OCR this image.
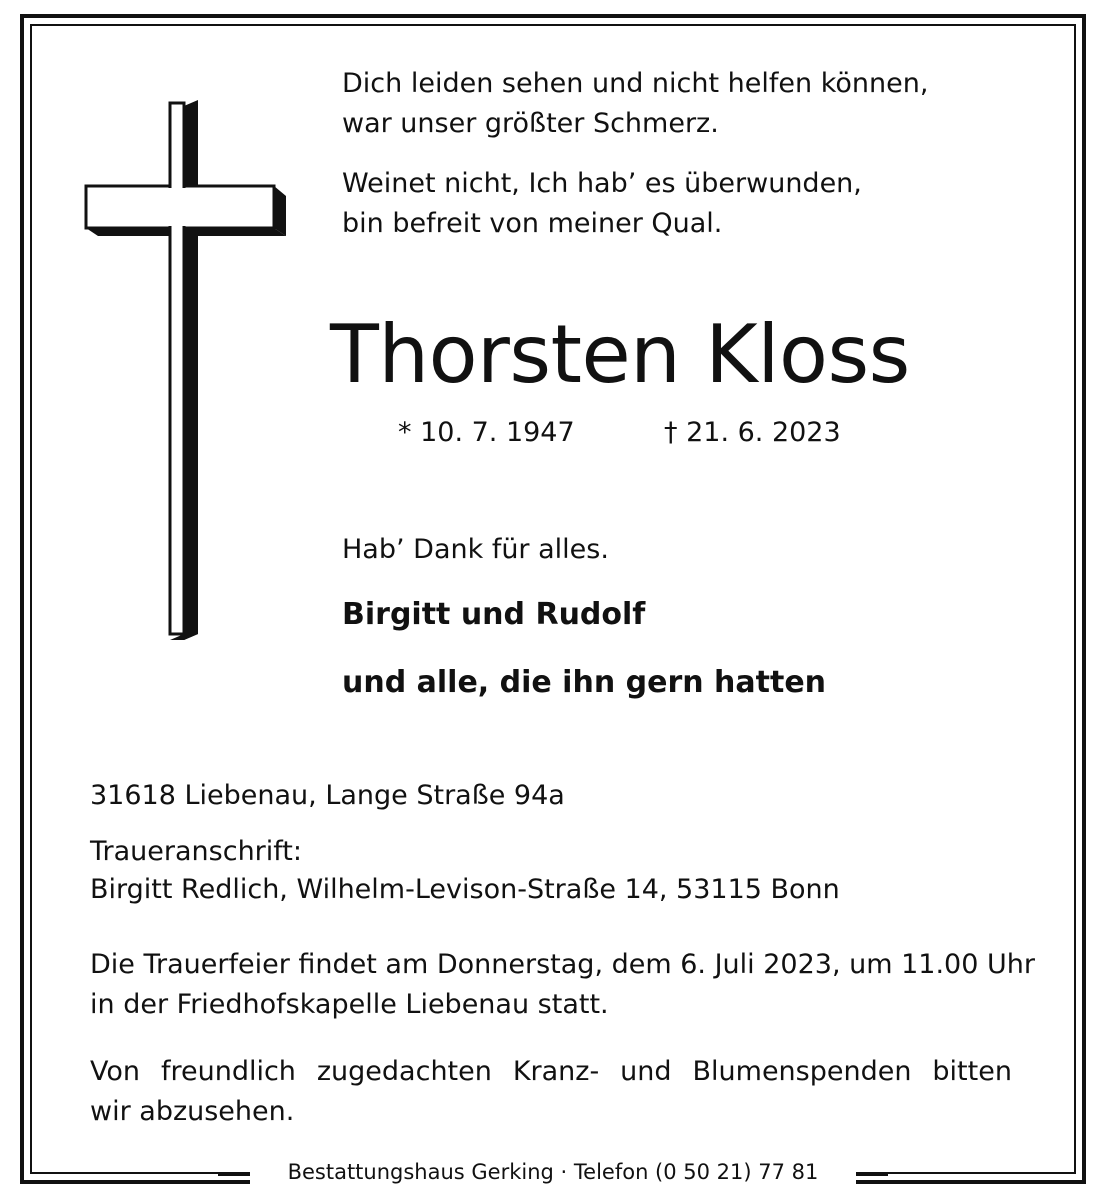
Dich leiden sehen und nicht helfen können,
war unser größter Schmerz.
Weinet nicht, Ich hab’ es überwunden,
bin befreit von meiner Qual.
Thorsten Kloss
* 10. 7. 1947	† 21. 6. 2023
Hab’ Dank für alles.
Birgitt und Rudolf
und alle, die ihn gern hatten
31618 Liebenau, Lange Straße 94a
Traueranschrift:
Birgitt Redlich, Wilhelm-Levison-Straße 14, 53115 Bonn
Die Trauerfeier findet am Donnerstag, dem 6. Juli 2023, um 11.00 Uhr
in der Friedhofskapelle Liebenau statt.
Von freundlich zugedachten Kranz- und Blumenspenden bitten
wir abzusehen.
Bestattungshaus Gerking · Telefon (0 50 21) 77 81
